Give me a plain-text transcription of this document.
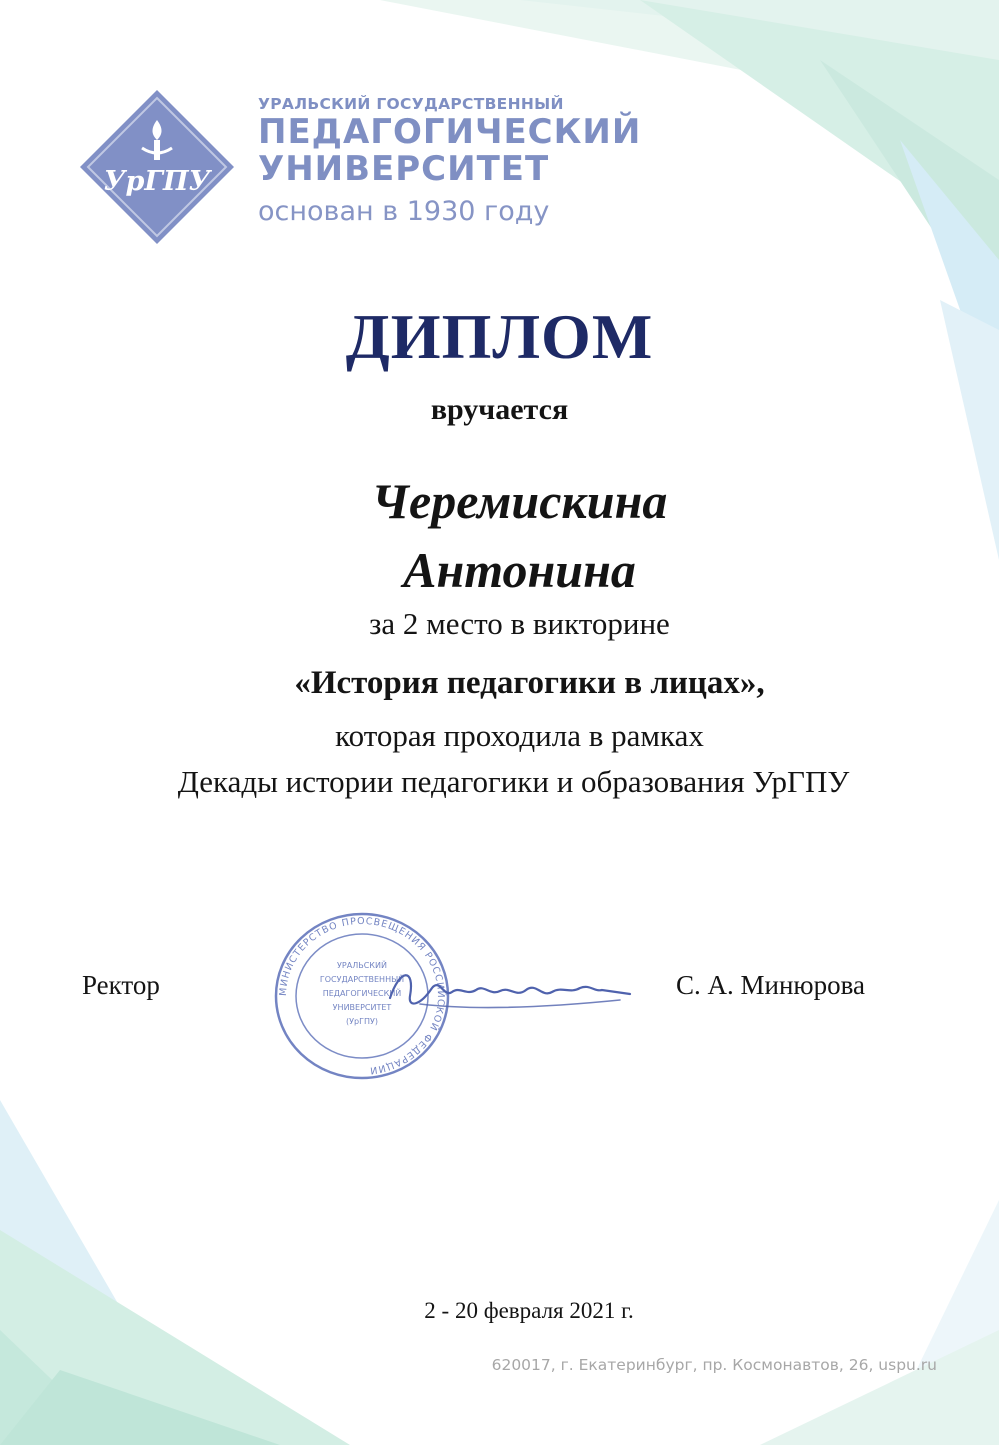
УрГПУ
УРАЛЬСКИЙ ГОСУДАРСТВЕННЫЙ
ПЕДАГОГИЧЕСКИЙ
УНИВЕРСИТЕТ
основан в 1930 году
ДИПЛОМ
вручается
Черемискина
Антонина
за 2 место в викторине
«История педагогики в лицах»,
которая проходила в рамках
Декады истории педагогики и образования УрГПУ
Ректор	МИНИСТЕРСТВО ПРОСВЕЩЕНИЯ РОССИЙСКОЙ ФЕДЕРАЦИИ
УРАЛЬСКИЙ
ГОСУДАРСТВЕННЫЙ
ПЕДАГОГИЧЕСКИЙ
УНИВЕРСИТЕТ
(УрГПУ)
С. А. Минюрова
2 - 20 февраля 2021 г.
620017, г. Екатеринбург, пр. Космонавтов, 26, uspu.ru
